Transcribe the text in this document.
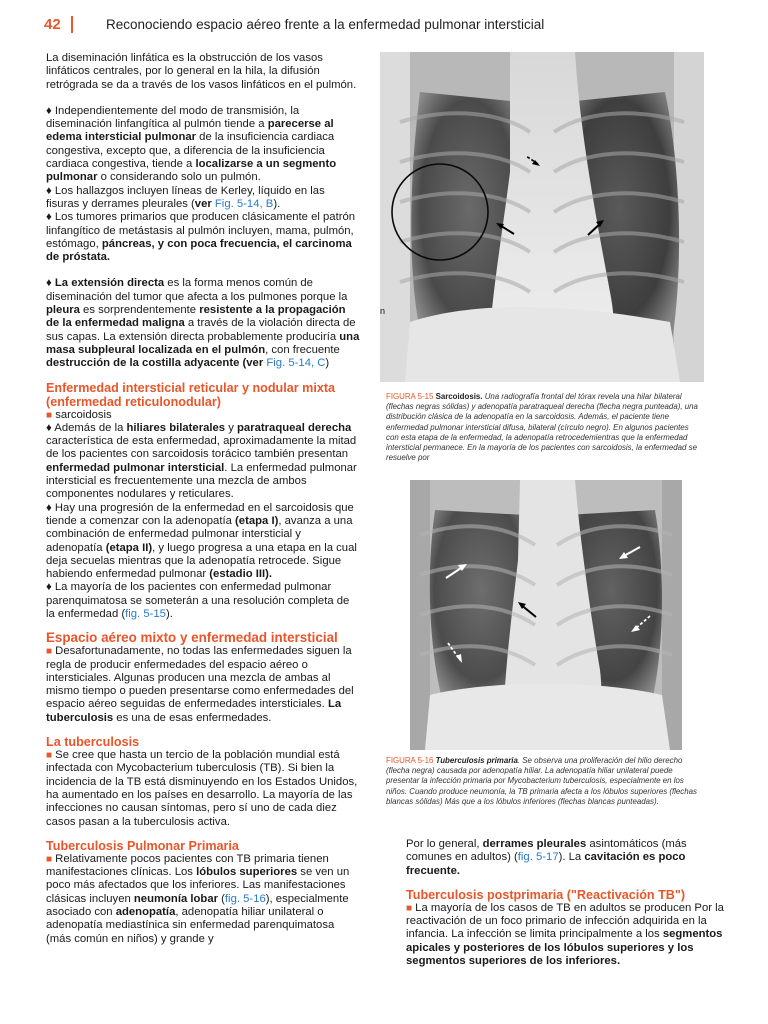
42	Reconociendo espacio aéreo frente a la enfermedad pulmonar intersticial

La diseminación linfática es la obstrucción de los vasos linfáticos centrales, por lo general en la hila, la difusión retrógrada se da a través de los vasos linfáticos en el pulmón.

♦ Independientemente del modo de transmisión, la diseminación linfangítica al pulmón tiende a parecerse al edema intersticial pulmonar de la insuficiencia cardiaca congestiva, excepto que, a diferencia de la insuficiencia cardiaca congestiva, tiende a localizarse a un segmento pulmonar o considerando solo un pulmón.

♦ Los hallazgos incluyen líneas de Kerley, líquido en las fisuras y derrames pleurales (ver Fig. 5-14, B).

♦ Los tumores primarios que producen clásicamente el patrón linfangítico de metástasis al pulmón incluyen, mama, pulmón, estómago, páncreas, y con poca frecuencia, el carcinoma de próstata.

♦ La extensión directa es la forma menos común de diseminación del tumor que afecta a los pulmones porque la pleura es sorprendentemente resistente a la propagación de la enfermedad maligna a través de la violación directa de sus capas. La extensión directa probablemente produciría una masa subpleural localizada en el pulmón, con frecuente destrucción de la costilla adyacente (ver Fig. 5-14, C)

Enfermedad intersticial reticular y nodular mixta (enfermedad reticulonodular)

■ sarcoidosis

♦ Además de la hiliares bilaterales y paratraqueal derecha característica de esta enfermedad, aproximadamente la mitad de los pacientes con sarcoidosis torácico también presentan enfermedad pulmonar intersticial. La enfermedad pulmonar intersticial es frecuentemente una mezcla de ambos componentes nodulares y reticulares.

♦ Hay una progresión de la enfermedad en el sarcoidosis que tiende a comenzar con la adenopatía (etapa I), avanza a una combinación de enfermedad pulmonar intersticial y adenopatía (etapa II), y luego progresa a una etapa en la cual deja secuelas mientras que la adenopatía retrocede. Sigue habiendo enfermedad pulmonar (estadio III).

♦ La mayoría de los pacientes con enfermedad pulmonar parenquimatosa se someterán a una resolución completa de la enfermedad (fig. 5-15).

Espacio aéreo mixto y enfermedad intersticial

■ Desafortunadamente, no todas las enfermedades siguen la regla de producir enfermedades del espacio aéreo o intersticiales. Algunas producen una mezcla de ambas al mismo tiempo o pueden presentarse como enfermedades del espacio aéreo seguidas de enfermedades intersticiales. La tuberculosis es una de esas enfermedades.

La tuberculosis

■ Se cree que hasta un tercio de la población mundial está infectada con Mycobacterium tuberculosis (TB). Si bien la incidencia de la TB está disminuyendo en los Estados Unidos, ha aumentado en los países en desarrollo. La mayoría de las infecciones no causan síntomas, pero sí uno de cada diez casos pasan a la tuberculosis activa.

Tuberculosis Pulmonar Primaria

■ Relativamente pocos pacientes con TB primaria tienen manifestaciones clínicas. Los lóbulos superiores se ven un poco más afectados que los inferiores. Las manifestaciones clásicas incluyen neumonía lobar (fig. 5-16), especialmente asociado con adenopatía, adenopatía hiliar unilateral o adenopatía mediastínica sin enfermedad parenquimatosa (más común en niños) y grande y

n
FIGURA 5-15 Sarcoidosis. Una radiografía frontal del tórax revela una hilar bilateral (flechas negras sólidas) y adenopatía paratraqueal derecha (flecha negra punteada), una distribución clásica de la adenopatía en la sarcoidosis. Además, el paciente tiene enfermedad pulmonar intersticial difusa, bilateral (círculo negro). En algunos pacientes con esta etapa de la enfermedad, la adenopatía retrocedemientras que la enfermedad intersticial permanece. En la mayoría de los pacientes con sarcoidosis, la enfermedad se resuelve por
FIGURA 5-16 Tuberculosis primaria. Se observa una proliferación del hilio derecho (flecha negra) causada por adenopatía hiliar. La adenopatía hiliar unilateral puede presentar la infección primaria por Mycobacterium tuberculosis, especialmente en los niños. Cuando produce neumonía, la TB primaria afecta a los lóbulos superiores (flechas blancas sólidas) Más que a los lóbulos inferiores (flechas blancas punteadas).

Por lo general, derrames pleurales asintomáticos (más comunes en adultos) (fig. 5-17). La cavitación es poco frecuente.

Tuberculosis postprimaria ("Reactivación TB")

■ La mayoría de los casos de TB en adultos se producen Por la reactivación de un foco primario de infección adquirida en la infancia. La infección se limita principalmente a los segmentos apicales y posteriores de los lóbulos superiores y los segmentos superiores de los inferiores.
